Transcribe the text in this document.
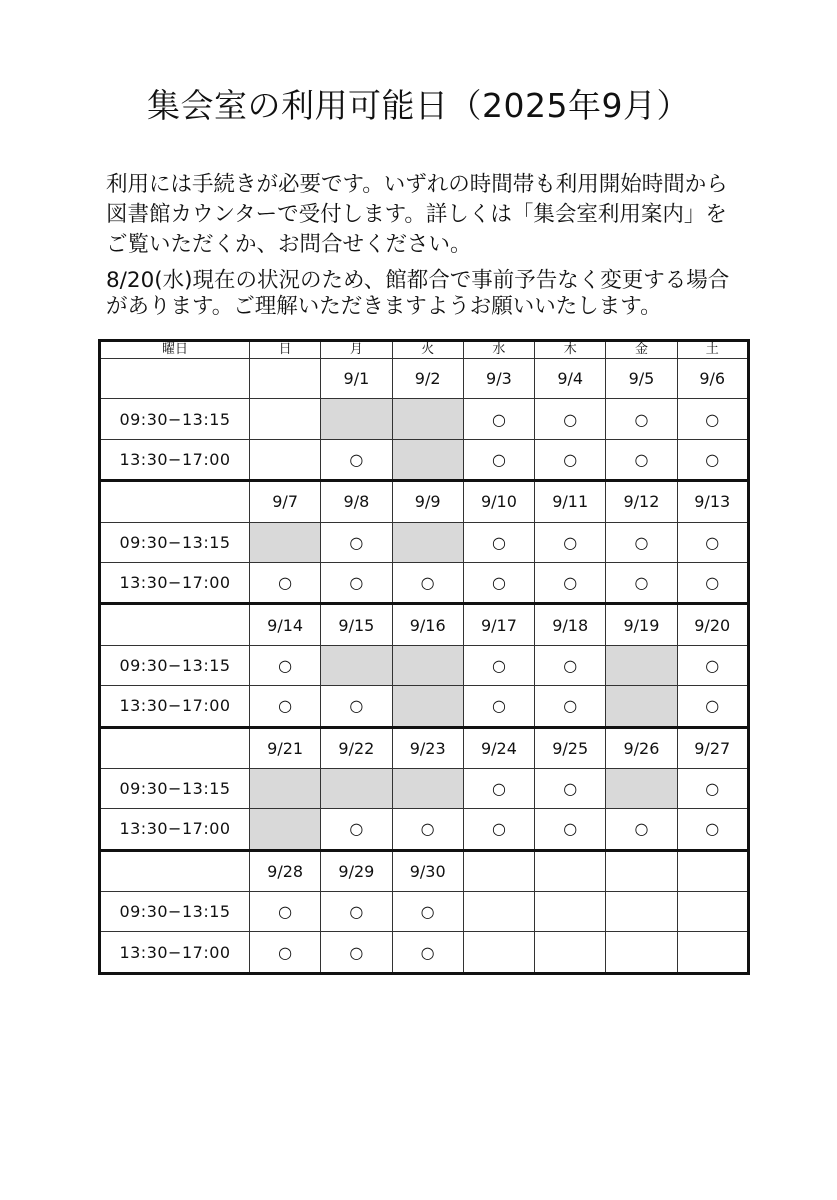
集会室の利用可能日（2025年9月）

利用には手続きが必要です。いずれの時間帯も利用開始時間から図書館カウンターで受付します。詳しくは「集会室利用案内」をご覧いただくか、お問合せください。

8/20(水)現在の状況のため、館都合で事前予告なく変更する場合があります。ご理解いただきますようお願いいたします。

曜日	日	月	火	水	木	金	土
		9/1	9/2	9/3	9/4	9/5	9/6
09:30−13:15				○	○	○	○
13:30−17:00		○		○	○	○	○
	9/7	9/8	9/9	9/10	9/11	9/12	9/13
09:30−13:15		○		○	○	○	○
13:30−17:00	○	○	○	○	○	○	○
	9/14	9/15	9/16	9/17	9/18	9/19	9/20
09:30−13:15	○			○	○		○
13:30−17:00	○	○		○	○		○
	9/21	9/22	9/23	9/24	9/25	9/26	9/27
09:30−13:15				○	○		○
13:30−17:00		○	○	○	○	○	○
	9/28	9/29	9/30				
09:30−13:15	○	○	○				
13:30−17:00	○	○	○				
